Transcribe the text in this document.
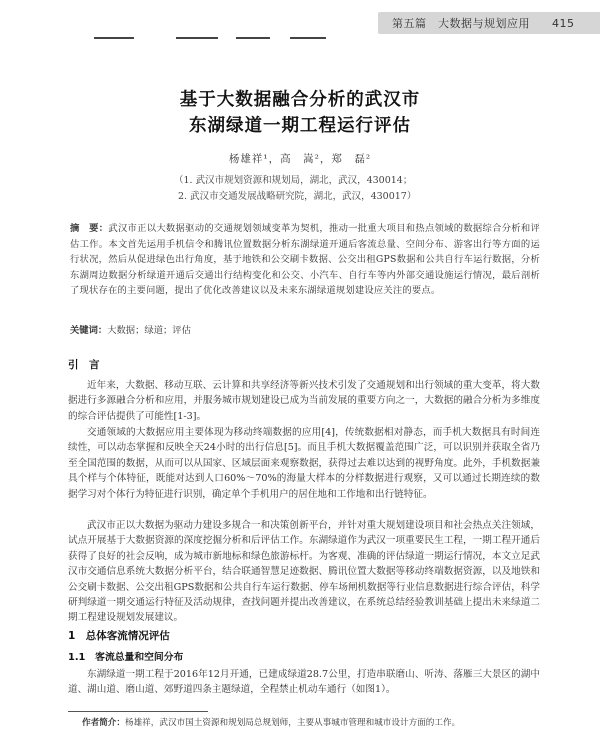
第五篇　大数据与规划应用 415
基于大数据融合分析的武汉市
东湖绿道一期工程运行评估
杨雄祥¹，高　嵩²，郑　磊²
（1. 武汉市规划资源和规划局，湖北，武汉，430014；
2. 武汉市交通发展战略研究院，湖北，武汉，430017）
摘　要：武汉市正以大数据驱动的交通规划领域变革为契机，推动一批重大项目和热点领域的数据综合分析和评估工作。本文首先运用手机信令和腾讯位置数据分析东湖绿道开通后客流总量、空间分布、游客出行等方面的运行状况，然后从促进绿色出行角度，基于地铁和公交刷卡数据、公交出租GPS数据和公共自行车运行数据，分析东湖周边数据分析绿道开通后交通出行结构变化和公交、小汽车、自行车等内外部交通设施运行情况，最后剖析了现状存在的主要问题，提出了优化改善建议以及未来东湖绿道规划建设应关注的要点。
关键词：大数据；绿道；评估
引　言
近年来，大数据、移动互联、云计算和共享经济等新兴技术引发了交通规划和出行领域的重大变革，将大数据进行多源融合分析和应用，并服务城市规划建设已成为当前发展的重要方向之一，大数据的融合分析为多维度的综合评估提供了可能性[1-3]。
交通领域的大数据应用主要体现为移动终端数据的应用[4]，传统数据相对静态，而手机大数据具有时间连续性，可以动态掌握和反映全天24小时的出行信息[5]。而且手机大数据覆盖范围广泛，可以识别并获取全省乃至全国范围的数据，从而可以从国家、区域层面来观察数据，获得过去难以达到的视野角度。此外，手机数据兼具个样与个体特征，既能对达到人口60%～70%的海量大样本的分样数据进行观察，又可以通过长期连续的数据学习对个体行为特征进行识别，确定单个手机用户的居住地和工作地和出行链特征。
武汉市正以大数据为驱动力建设多规合一和决策创新平台，并针对重大规划建设项目和社会热点关注领域，试点开展基于大数据资源的深度挖掘分析和后评估工作。东湖绿道作为武汉一项重要民生工程，一期工程开通后获得了良好的社会反响，成为城市新地标和绿色旅游标杆。为客观、准确的评估绿道一期运行情况，本文立足武汉市交通信息系统大数据分析平台，结合联通智慧足迹数据、腾讯位置大数据等移动终端数据资源，以及地铁和公交刷卡数据、公交出租GPS数据和公共自行车运行数据、停车场闸机数据等行业信息数据进行综合评估，科学研判绿道一期交通运行特征及活动规律，查找问题并提出改善建议，在系统总结经验教训基础上提出未来绿道二期工程建设规划发展建议。
1　总体客流情况评估
1.1　客流总量和空间分布
东湖绿道一期工程于2016年12月开通，已建成绿道28.7公里，打造串联磨山、听涛、落雁三大景区的湖中道、湖山道、磨山道、郊野道四条主题绿道，全程禁止机动车通行（如图1）。
作者简介：杨雄祥，武汉市国土资源和规划局总规划师，主要从事城市管理和城市设计方面的工作。
